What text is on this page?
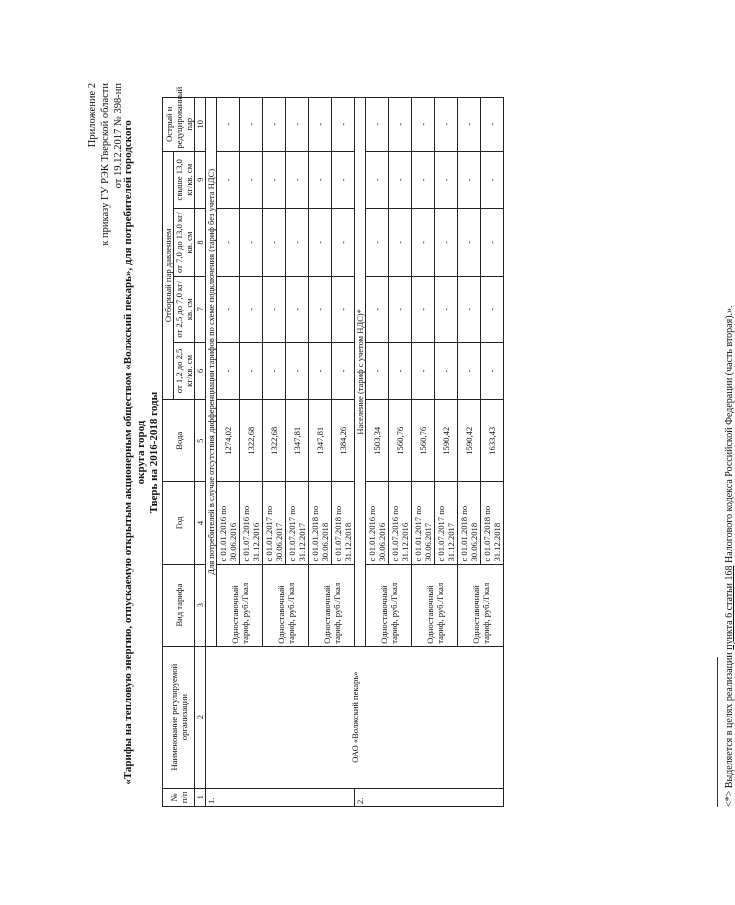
Приложение 2 к приказу ГУ РЭК Тверской области от 19.12.2017 № 398-нп
«Тарифы на тепловую энергию, отпускаемую открытым акционерным обществом «Волжский пекарь», для потребителей городского округа город Тверь на 2016-2018 годы
№ п/п	Наименование регулируемой организации	Вид тарифа	Год	Вода	Отборный пар давлением				Острый и редуцированный пар
					от 1,2 до 2,5 кг/кв. см	от 2,5 до 7,0 кг/кв. см	от 7,0 до 13,0 кг/кв. см	свыше 13,0 кг/кв. см	
1	2	3	4	5	6	7	8	9	10
1.	ОАО «Волжский пекарь»	Для потребителей в случае отсутствия дифференциации тарифов по схеме подключения (тариф без учета НДС)							
		Одноставочный тариф, руб./Гкал	с 01.01.2016 по 30.06.2016	1274,02	-	-	-	-	-
			с 01.07.2016 по 31.12.2016	1322,68	-	-	-	-	-
		Одноставочный тариф, руб./Гкал	с 01.01.2017 по 30.06.2017	1322,68	-	-	-	-	-
			с 01.07.2017 по 31.12.2017	1347,81	-	-	-	-	-
		Одноставочный тариф, руб./Гкал	с 01.01.2018 по 30.06.2018	1347,81	-	-	-	-	-
			с 01.07.2018 по 31.12.2018	1384,26	-	-	-	-	-
2.		Население (тариф с учетом НДС)*							
		Одноставочный тариф, руб./Гкал	с 01.01.2016 по 30.06.2016	1503,34	-	-	-	-	-
			с 01.07.2016 по 31.12.2016	1560,76	-	-	-	-	-
		Одноставочный тариф, руб./Гкал	с 01.01.2017 по 30.06.2017	1560,76	-	-	-	-	-
			с 01.07.2017 по 31.12.2017	1590,42	-	-	-	-	-
		Одноставочный тариф, руб./Гкал	с 01.01.2018 по 30.06.2018	1590,42	-	-	-	-	-
			с 01.07.2018 по 31.12.2018	1633,43	-	-	-	-	-
<*> Выделяется в целях реализации пункта 6 статьи 168 Налогового кодекса Российской Федерации (часть вторая).».
